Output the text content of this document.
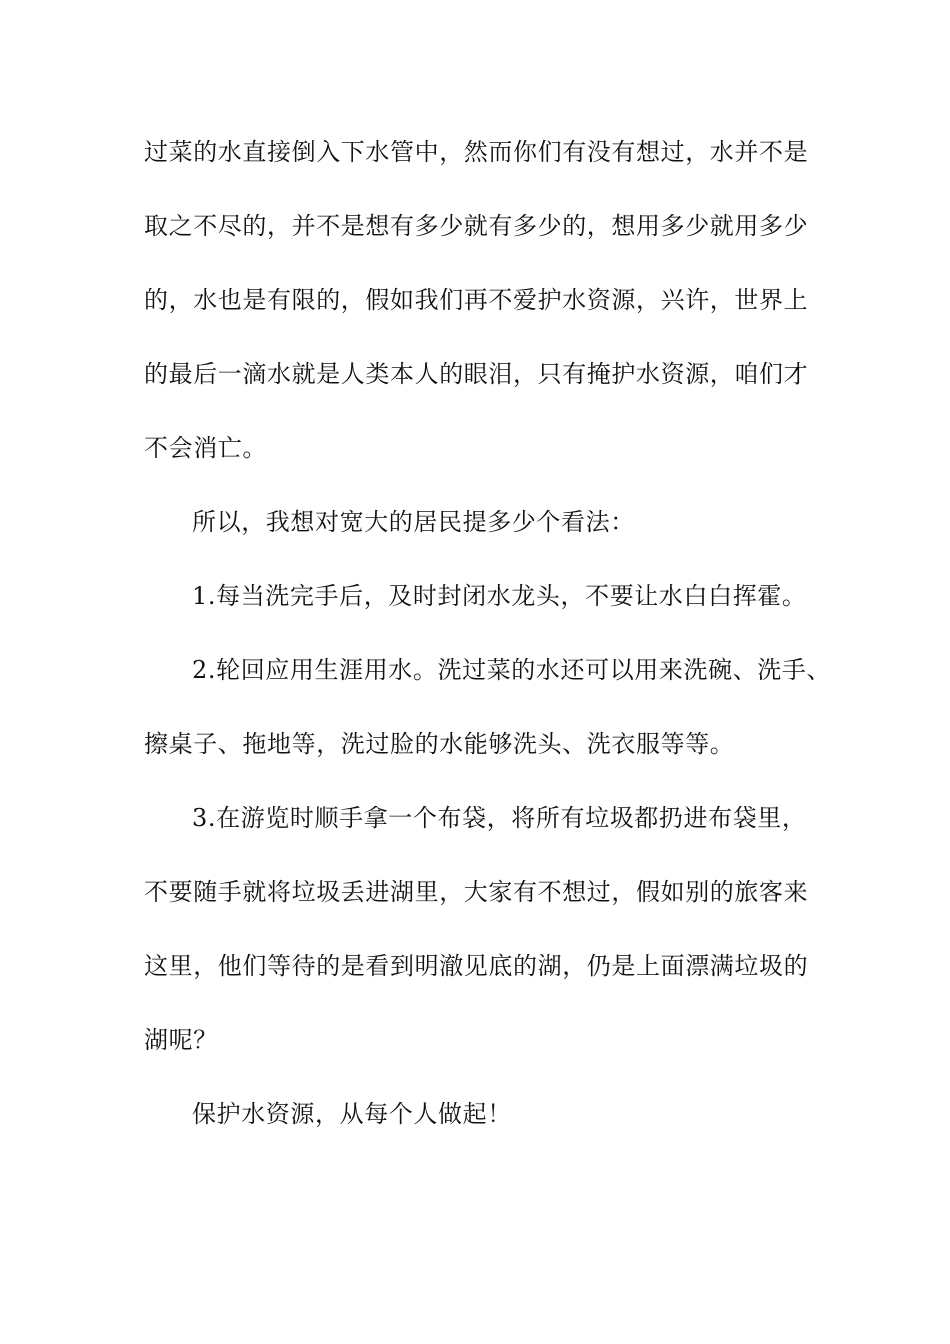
过菜的水直接倒入下水管中，然而你们有没有想过，水并不是
取之不尽的，并不是想有多少就有多少的，想用多少就用多少
的，水也是有限的，假如我们再不爱护水资源，兴许，世界上
的最后一滴水就是人类本人的眼泪，只有掩护水资源，咱们才
不会消亡。
所以，我想对宽大的居民提多少个看法：
1.每当洗完手后，及时封闭水龙头，不要让水白白挥霍。
2.轮回应用生涯用水。洗过菜的水还可以用来洗碗、洗手、
擦桌子、拖地等，洗过脸的水能够洗头、洗衣服等等。
3.在游览时顺手拿一个布袋，将所有垃圾都扔进布袋里，
不要随手就将垃圾丢进湖里，大家有不想过，假如别的旅客来
这里，他们等待的是看到明澈见底的湖，仍是上面漂满垃圾的
湖呢？
保护水资源，从每个人做起！
